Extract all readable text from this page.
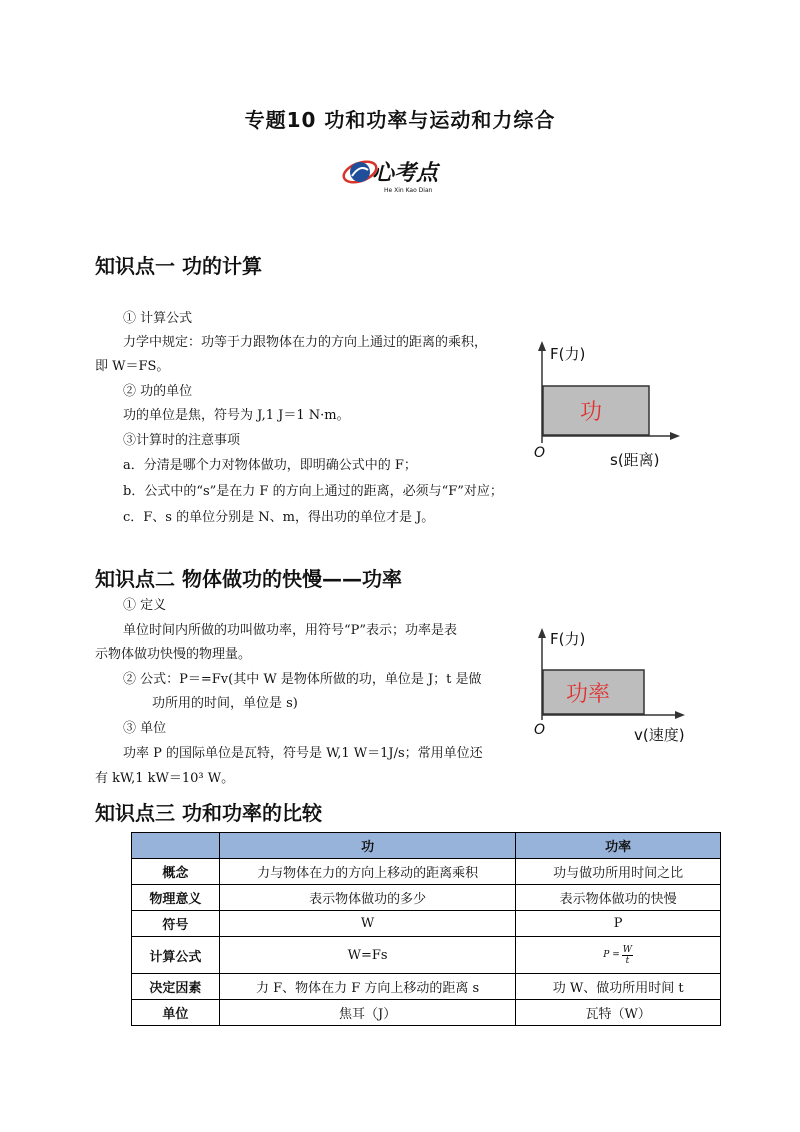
专题10 功和功率与运动和力综合
心考点
He Xin Kao Dian
知识点一 功的计算
① 计算公式
力学中规定：功等于力跟物体在力的方向上通过的距离的乘积，
即 W＝FS。
② 功的单位
功的单位是焦，符号为 J,1 J＝1 N·m。
③计算时的注意事项
a．分清是哪个力对物体做功，即明确公式中的 F；
b．公式中的“s”是在力 F 的方向上通过的距离，必须与“F”对应；
c．F、s 的单位分别是 N、m，得出功的单位才是 J。
F(力)
O	s(距离)
功
知识点二 物体做功的快慢——功率
① 定义
单位时间内所做的功叫做功率，用符号“P”表示；功率是表
示物体做功快慢的物理量。
② 公式：P＝=Fv(其中 W 是物体所做的功，单位是 J；t 是做
功所用的时间，单位是 s)
③ 单位
功率 P 的国际单位是瓦特，符号是 W,1 W＝1J/s；常用单位还
有 kW,1 kW＝10³ W。
F(力)
O	v(速度)
功率
知识点三 功和功率的比较
	功	功率
概念	力与物体在力的方向上移动的距离乘积	功与做功所用时间之比
物理意义	表示物体做功的多少	表示物体做功的快慢
符号	W	P
计算公式	W=Fs	$P = \frac{W}{t}$

决定因素	力 F、物体在力 F 方向上移动的距离 s	功 W、做功所用时间 t
单位	焦耳（J）	瓦特（W）
